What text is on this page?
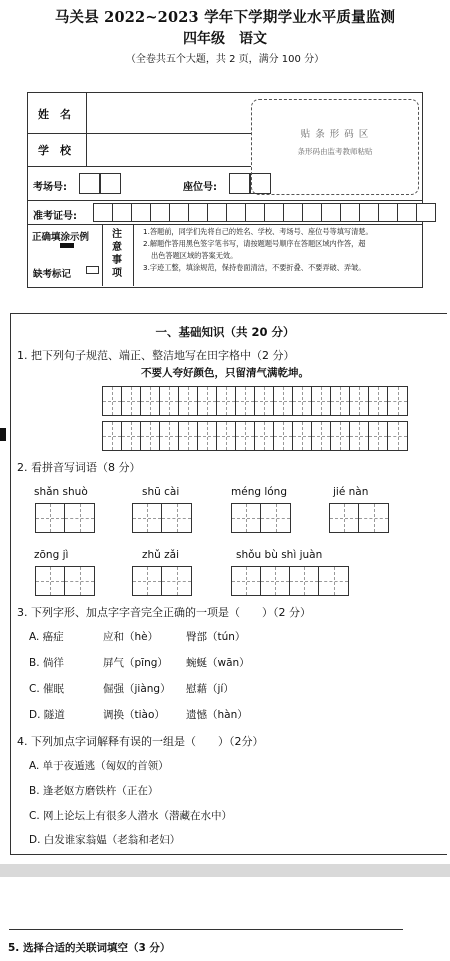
马关县 2022~2023 学年下学期学业水平质量监测
四年级　语文
（全卷共五个大题，共 2 页，满分 100 分）
姓　名
学　校
考场号:	座位号:
贴 条 形 码 区
条形码由监考教师粘贴
准考证号:
正确填涂示例
缺考标记
注
意
事
项
1.答题前，同学们先将自己的姓名、学校、考场号、座位号等填写清楚。
2.解题作答用黑色签字笔书写，请按题题号顺序在答题区域内作答，超
出色答题区域的答案无效。
3.字迹工整，填涂规范，保持卷面清洁，不要折叠、不要弄破、弄皱。
一、基础知识（共 20 分）
1. 把下列句子规范、端正、整洁地写在田字格中（2 分）
不要人夸好颜色，只留清气满乾坤。
2. 看拼音写词语（8 分）
shǎn shuò	shū cài	méng lóng	jié nàn
zōng jì	zhǔ zǎi	shǒu bù shì juàn
3. 下列字形、加点字字音完全正确的一项是（　　）（2 分）
A. 癌症	应和（hè）	臀部（tún）
B. 倘徉	屏气（pīng） 蜿蜒（wān）
C. 催眠	倔强（jiàng） 慰藉（jí）
D. 隧道	调换（tiào） 遗憾（hàn）
4. 下列加点字词解释有误的一组是（　　）（2分）
A. 单于夜遁逃（匈奴的首领）
B. 逢老妪方磨铁杵（正在）
C. 网上论坛上有很多人潜水（潜藏在水中）
D. 白发谁家翁媪（老翁和老妇）
5. 选择合适的关联词填空（3 分）
